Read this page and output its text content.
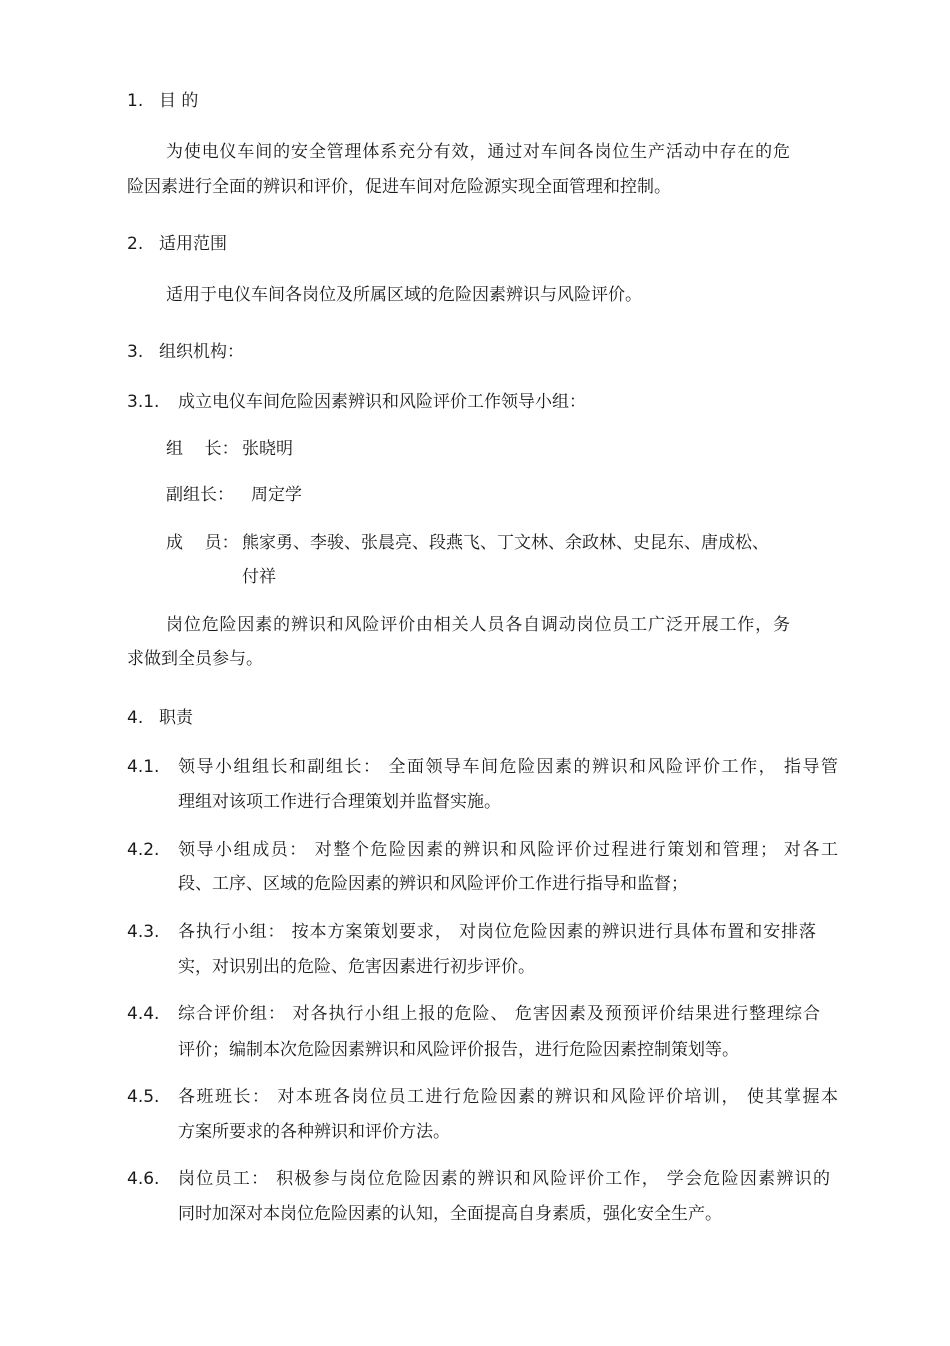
1. 目 的
为使电仪车间的安全管理体系充分有效，通过对车间各岗位生产活动中存在的危
险因素进行全面的辨识和评价，促进车间对危险源实现全面管理和控制。
2. 适用范围
适用于电仪车间各岗位及所属区域的危险因素辨识与风险评价。
3. 组织机构：
3.1. 成立电仪车间危险因素辨识和风险评价工作领导小组：
组    长： 张晓明
副组长： 周定学
成    员： 熊家勇、李骏、张晨亮、段燕飞、丁文林、余政林、史昆东、唐成松、
付祥
岗位危险因素的辨识和风险评价由相关人员各自调动岗位员工广泛开展工作，务
求做到全员参与。
4. 职责
4.1. 领导小组组长和副组长： 全面领导车间危险因素的辨识和风险评价工作， 指导管
理组对该项工作进行合理策划并监督实施。
4.2. 领导小组成员： 对整个危险因素的辨识和风险评价过程进行策划和管理； 对各工
段、工序、区域的危险因素的辨识和风险评价工作进行指导和监督；
4.3. 各执行小组： 按本方案策划要求， 对岗位危险因素的辨识进行具体布置和安排落
实，对识别出的危险、危害因素进行初步评价。
4.4. 综合评价组： 对各执行小组上报的危险、 危害因素及预预评价结果进行整理综合
评价；编制本次危险因素辨识和风险评价报告，进行危险因素控制策划等。
4.5. 各班班长： 对本班各岗位员工进行危险因素的辨识和风险评价培训， 使其掌握本
方案所要求的各种辨识和评价方法。
4.6. 岗位员工： 积极参与岗位危险因素的辨识和风险评价工作， 学会危险因素辨识的
同时加深对本岗位危险因素的认知，全面提高自身素质，强化安全生产。
